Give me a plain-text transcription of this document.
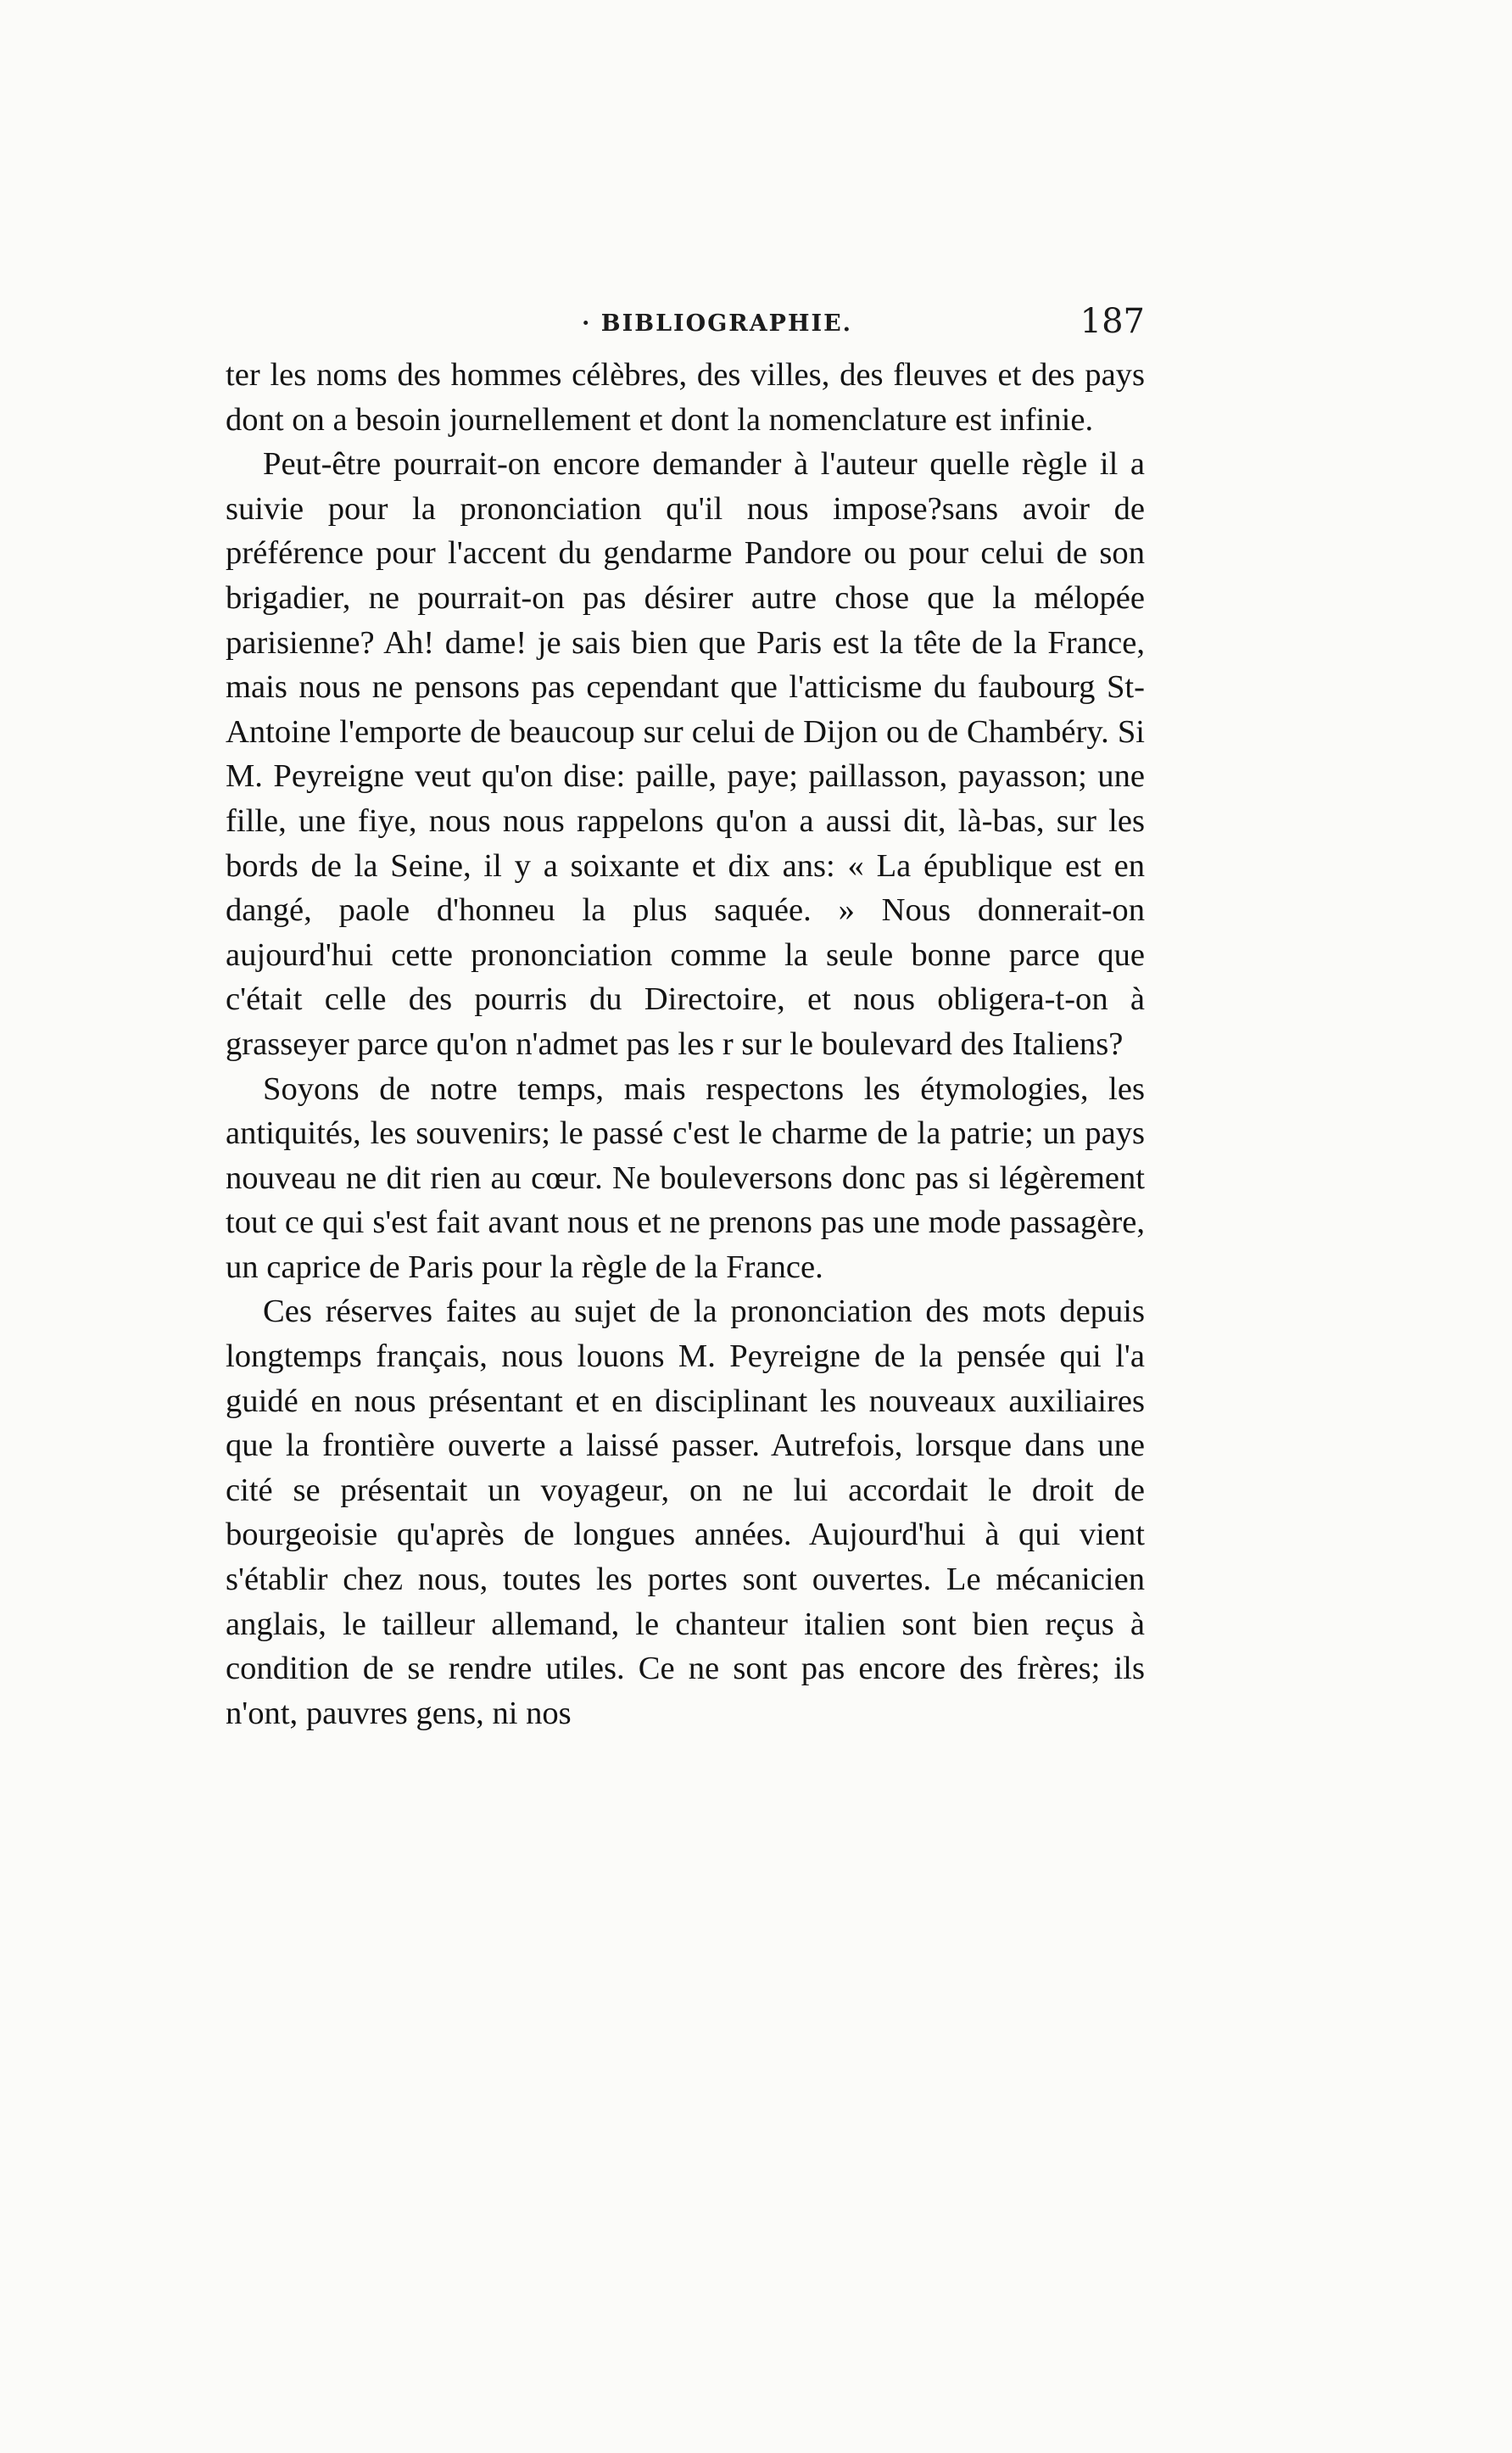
· BIBLIOGRAPHIE.	187

ter les noms des hommes célèbres, des villes, des fleuves et des pays dont on a besoin journellement et dont la nomenclature est infinie.

Peut-être pourrait-on encore demander à l'auteur quelle règle il a suivie pour la prononciation qu'il nous impose?sans avoir de préférence pour l'accent du gendarme Pandore ou pour celui de son brigadier, ne pourrait-on pas désirer autre chose que la mélopée parisienne? Ah! dame! je sais bien que Paris est la tête de la France, mais nous ne pensons pas cependant que l'atticisme du faubourg St-Antoine l'emporte de beaucoup sur celui de Dijon ou de Chambéry. Si M. Peyreigne veut qu'on dise: paille, paye; paillasson, payasson; une fille, une fiye, nous nous rappelons qu'on a aussi dit, là-bas, sur les bords de la Seine, il y a soixante et dix ans: « La épublique est en dangé, paole d'honneu la plus saquée. » Nous donnerait-on aujourd'hui cette prononciation comme la seule bonne parce que c'était celle des pourris du Directoire, et nous obligera-t-on à grasseyer parce qu'on n'admet pas les r sur le boulevard des Italiens?

Soyons de notre temps, mais respectons les étymologies, les antiquités, les souvenirs; le passé c'est le charme de la patrie; un pays nouveau ne dit rien au cœur. Ne bouleversons donc pas si légèrement tout ce qui s'est fait avant nous et ne prenons pas une mode passagère, un caprice de Paris pour la règle de la France.

Ces réserves faites au sujet de la prononciation des mots depuis longtemps français, nous louons M. Peyreigne de la pensée qui l'a guidé en nous présentant et en disciplinant les nouveaux auxiliaires que la frontière ouverte a laissé passer. Autrefois, lorsque dans une cité se présentait un voyageur, on ne lui accordait le droit de bourgeoisie qu'après de longues années. Aujourd'hui à qui vient s'établir chez nous, toutes les portes sont ouvertes. Le mécanicien anglais, le tailleur allemand, le chanteur italien sont bien reçus à condition de se rendre utiles. Ce ne sont pas encore des frères; ils n'ont, pauvres gens, ni nos
